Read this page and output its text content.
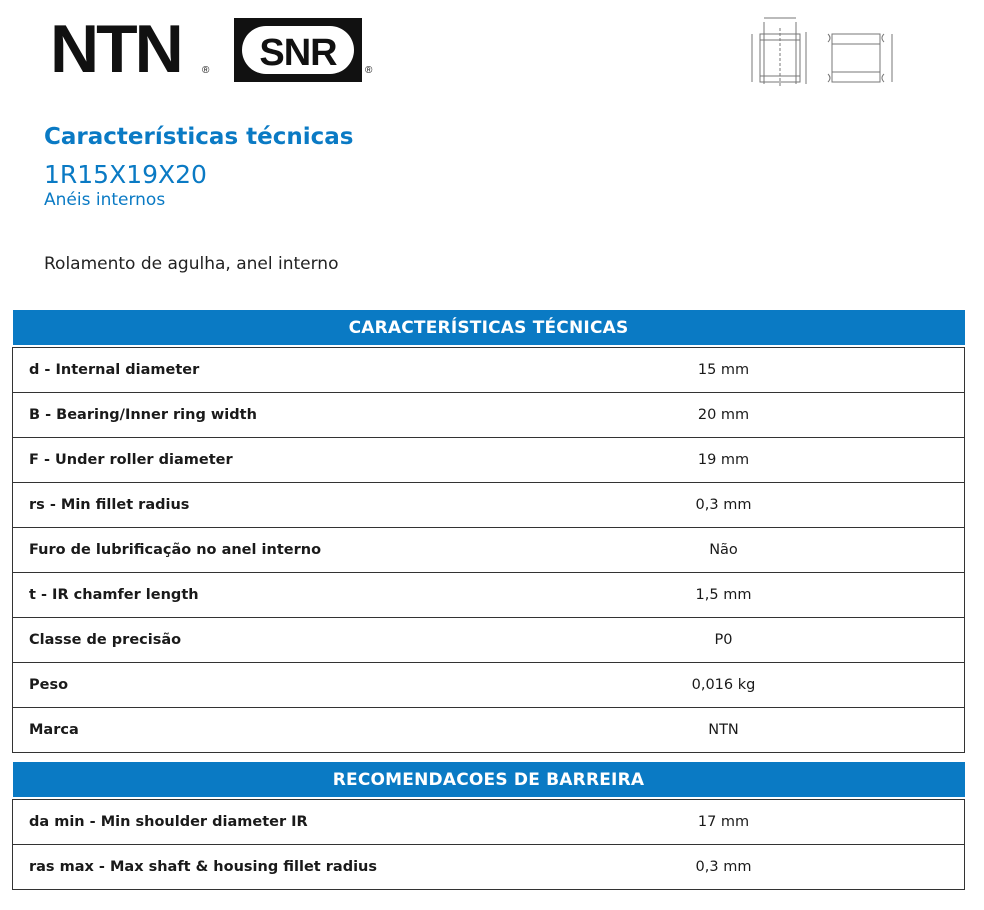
NTN ® SNR	®
Características técnicas
1R15X19X20
Anéis internos
Rolamento de agulha, anel interno
CARACTERÍSTICAS TÉCNICAS	

d - Internal diameter	15 mm
B - Bearing/Inner ring width	20 mm
F - Under roller diameter	19 mm
rs - Min fillet radius	0,3 mm
Furo de lubrificação no anel interno	Não
t - IR chamfer length	1,5 mm
Classe de precisão	P0
Peso	0,016 kg
Marca	NTN
RECOMENDACOES DE BARREIRA	

da min - Min shoulder diameter IR	17 mm
ras max - Max shaft & housing fillet radius	0,3 mm
